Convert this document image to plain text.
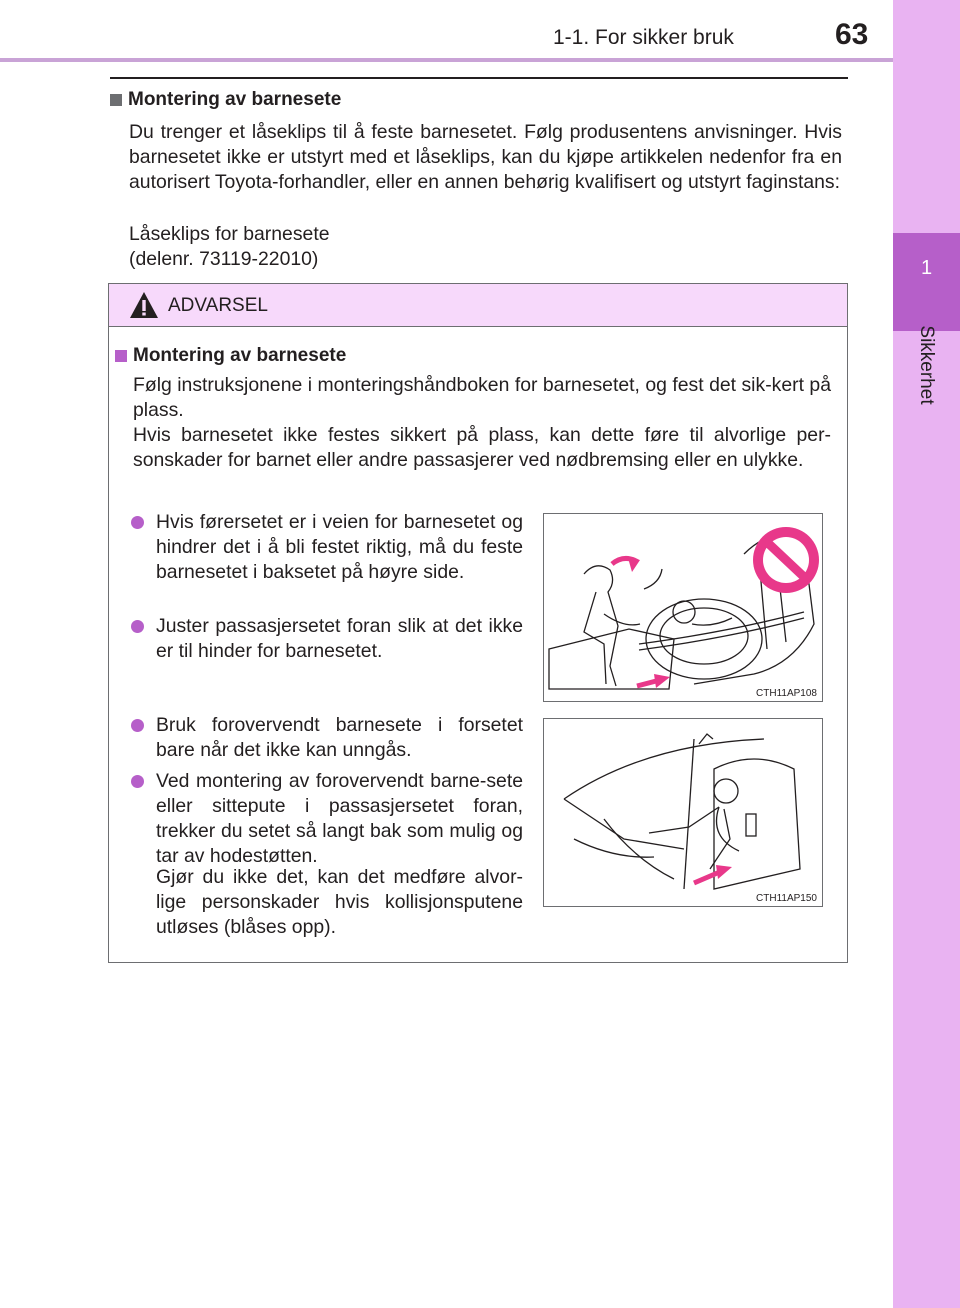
1-1. For sikker bruk	63
1
Sikkerhet
Montering av barnesete
Du trenger et låseklips til å feste barnesetet. Følg produsentens anvisninger. Hvis barnesetet ikke er utstyrt med et låseklips, kan du kjøpe artikkelen nedenfor fra en autorisert Toyota-forhandler, eller en annen behørig kvalifisert og utstyrt faginstans:
Låseklips for barnesete
(delenr. 73119-22010)
ADVARSEL
Montering av barnesete
Følg instruksjonene i monteringshåndboken for barnesetet, og fest det sik-kert på plass.
Hvis barnesetet ikke festes sikkert på plass, kan dette føre til alvorlige per-sonskader for barnet eller andre passasjerer ved nødbremsing eller en ulykke.
Hvis førersetet er i veien for barnesetet og hindrer det i å bli festet riktig, må du feste barnesetet i baksetet på høyre side.
Juster passasjersetet foran slik at det ikke er til hinder for barnesetet.
Bruk forovervendt barnesete i forsetet bare når det ikke kan unngås.
Ved montering av forovervendt barne-sete eller sittepute i passasjersetet foran, trekker du setet så langt bak som mulig og tar av hodestøtten.
Gjør du ikke det, kan det medføre alvor-lige personskader hvis kollisjonsputene utløses (blåses opp).
CTH11AP108
CTH11AP150
